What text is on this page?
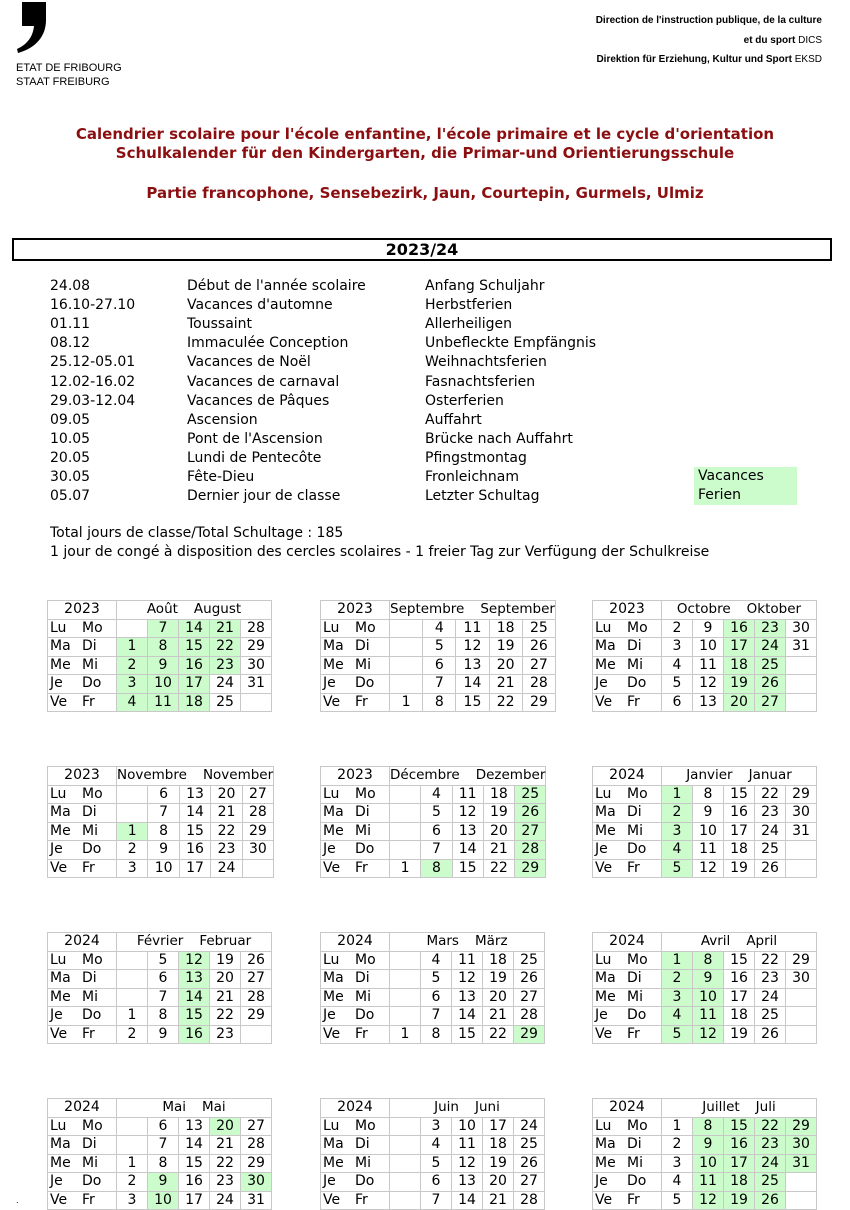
ETAT DE FRIBOURG
STAAT FREIBURG
Direction de l'instruction publique, de la culture
et du sport DICS
Direktion für Erziehung, Kultur und Sport EKSD
Calendrier scolaire pour l'école enfantine, l'école primaire et le cycle d'orientation
Schulkalender für den Kindergarten, die Primar-und Orientierungsschule
Partie francophone, Sensebezirk, Jaun, Courtepin, Gurmels, Ulmiz
2023/24
24.08	Début de l'année scolaire	Anfang Schuljahr
16.10-27.10	Vacances d'automne	Herbstferien
01.11	Toussaint	Allerheiligen
08.12	Immaculée Conception	Unbefleckte Empfängnis
25.12-05.01	Vacances de Noël	Weihnachtsferien
12.02-16.02	Vacances de carnaval	Fasnachtsferien
29.03-12.04	Vacances de Pâques	Osterferien
09.05	Ascension	Auffahrt
10.05	Pont de l'Ascension	Brücke nach Auffahrt
20.05	Lundi de Pentecôte	Pfingstmontag
30.05	Fête-Dieu	Fronleichnam
05.07	Dernier jour de classe	Letzter Schultag
Vacances
Ferien
Total jours de classe/Total Schultage : 185
1 jour de congé à disposition des cercles scolaires - 1 freier Tag zur Verfügung der Schulkreise
2023	Août August				
Lu Mo		7	14	21	28
Ma Di	1	8	15	22	29
Me Mi	2	9	16	23	30
Je Do	3	10	17	24	31
Ve Fr	4	11	18	25	
2023	Septembre September				
Lu Mo		4	11	18	25
Ma Di		5	12	19	26
Me Mi		6	13	20	27
Je Do		7	14	21	28
Ve Fr	1	8	15	22	29
2023	Octobre Oktober				
Lu Mo	2	9	16	23	30
Ma Di	3	10	17	24	31
Me Mi	4	11	18	25	
Je Do	5	12	19	26	
Ve Fr	6	13	20	27	
2023	Novembre November				
Lu Mo		6	13	20	27
Ma Di		7	14	21	28
Me Mi	1	8	15	22	29
Je Do	2	9	16	23	30
Ve Fr	3	10	17	24	
2023	Décembre Dezember				
Lu Mo		4	11	18	25
Ma Di		5	12	19	26
Me Mi		6	13	20	27
Je Do		7	14	21	28
Ve Fr	1	8	15	22	29
2024	Janvier Januar				
Lu Mo	1	8	15	22	29
Ma Di	2	9	16	23	30
Me Mi	3	10	17	24	31
Je Do	4	11	18	25	
Ve Fr	5	12	19	26	
2024	Février Februar				
Lu Mo		5	12	19	26
Ma Di		6	13	20	27
Me Mi		7	14	21	28
Je Do	1	8	15	22	29
Ve Fr	2	9	16	23	
2024	Mars März				
Lu Mo		4	11	18	25
Ma Di		5	12	19	26
Me Mi		6	13	20	27
Je Do		7	14	21	28
Ve Fr	1	8	15	22	29
2024	Avril April				
Lu Mo	1	8	15	22	29
Ma Di	2	9	16	23	30
Me Mi	3	10	17	24	
Je Do	4	11	18	25	
Ve Fr	5	12	19	26	
2024	Mai Mai				
Lu Mo		6	13	20	27
Ma Di		7	14	21	28
Me Mi	1	8	15	22	29
Je Do	2	9	16	23	30
Ve Fr	3	10	17	24	31
2024	Juin Juni				
Lu Mo		3	10	17	24
Ma Di		4	11	18	25
Me Mi		5	12	19	26
Je Do		6	13	20	27
Ve Fr		7	14	21	28
2024	Juillet Juli				
Lu Mo	1	8	15	22	29
Ma Di	2	9	16	23	30
Me Mi	3	10	17	24	31
Je Do	4	11	18	25	
Ve Fr	5	12	19	26	
.
